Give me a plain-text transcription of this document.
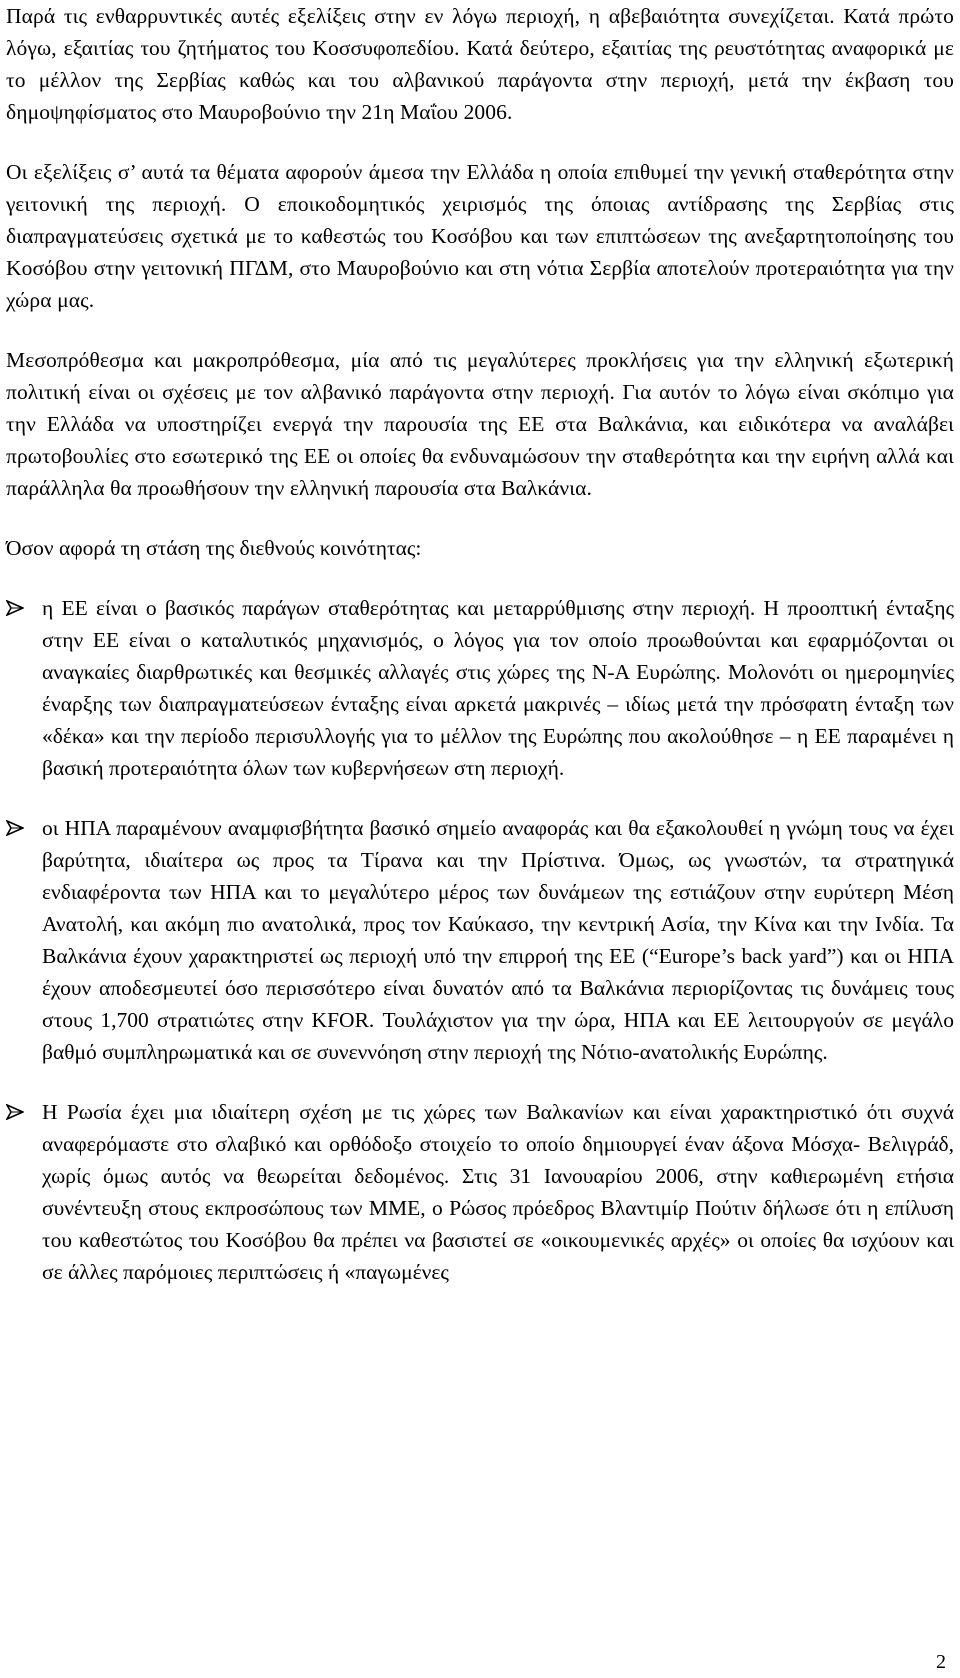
Παρά τις ενθαρρυντικές αυτές εξελίξεις στην εν λόγω περιοχή, η αβεβαιότητα συνεχίζεται. Κατά πρώτο λόγω, εξαιτίας του ζητήματος του Κοσσυφοπεδίου. Κατά δεύτερο, εξαιτίας της ρευστότητας αναφορικά με το μέλλον της Σερβίας καθώς και του αλβανικού παράγοντα στην περιοχή, μετά την έκβαση του δημοψηφίσματος στο Μαυροβούνιο την 21η Μαΐου 2006.

Οι εξελίξεις σ’ αυτά τα θέματα αφορούν άμεσα την Ελλάδα η οποία επιθυμεί την γενική σταθερότητα στην γειτονική της περιοχή. Ο εποικοδομητικός χειρισμός της όποιας αντίδρασης της Σερβίας στις διαπραγματεύσεις σχετικά με το καθεστώς του Κοσόβου και των επιπτώσεων της ανεξαρτητοποίησης του Κοσόβου στην γειτονική ΠΓΔΜ, στο Μαυροβούνιο και στη νότια Σερβία αποτελούν προτεραιότητα για την χώρα μας.

Μεσοπρόθεσμα και μακροπρόθεσμα, μία από τις μεγαλύτερες προκλήσεις για την ελληνική εξωτερική πολιτική είναι οι σχέσεις με τον αλβανικό παράγοντα στην περιοχή. Για αυτόν το λόγω είναι σκόπιμο για την Ελλάδα να υποστηρίζει ενεργά την παρουσία της ΕΕ στα Βαλκάνια, και ειδικότερα να αναλάβει πρωτοβουλίες στο εσωτερικό της ΕΕ οι οποίες θα ενδυναμώσουν την σταθερότητα και την ειρήνη αλλά και παράλληλα θα προωθήσουν την ελληνική παρουσία στα Βαλκάνια.

Όσον αφορά τη στάση της διεθνούς κοινότητας:

η ΕΕ είναι ο βασικός παράγων σταθερότητας και μεταρρύθμισης στην περιοχή. Η προοπτική ένταξης στην ΕΕ είναι ο καταλυτικός μηχανισμός, ο λόγος για τον οποίο προωθούνται και εφαρμόζονται οι αναγκαίες διαρθρωτικές και θεσμικές αλλαγές στις χώρες της Ν-Α Ευρώπης. Μολονότι οι ημερομηνίες έναρξης των διαπραγματεύσεων ένταξης είναι αρκετά μακρινές – ιδίως μετά την πρόσφατη ένταξη των «δέκα» και την περίοδο περισυλλογής για το μέλλον της Ευρώπης που ακολούθησε – η ΕΕ παραμένει η βασική προτεραιότητα όλων των κυβερνήσεων στη περιοχή.
οι ΗΠΑ παραμένουν αναμφισβήτητα βασικό σημείο αναφοράς και θα εξακολουθεί η γνώμη τους να έχει βαρύτητα, ιδιαίτερα ως προς τα Τίρανα και την Πρίστινα. Όμως, ως γνωστών, τα στρατηγικά ενδιαφέροντα των ΗΠΑ και το μεγαλύτερο μέρος των δυνάμεων της εστιάζουν στην ευρύτερη Μέση Ανατολή, και ακόμη πιο ανατολικά, προς τον Καύκασο, την κεντρική Ασία, την Κίνα και την Ινδία. Τα Βαλκάνια έχουν χαρακτηριστεί ως περιοχή υπό την επιρροή της ΕΕ (“Europe’s back yard”) και οι ΗΠΑ έχουν αποδεσμευτεί όσο περισσότερο είναι δυνατόν από τα Βαλκάνια περιορίζοντας τις δυνάμεις τους στους 1,700 στρατιώτες στην KFOR. Τουλάχιστον για την ώρα, ΗΠΑ και ΕΕ λειτουργούν σε μεγάλο βαθμό συμπληρωματικά και σε συνεννόηση στην περιοχή της Νότιο-ανατολικής Ευρώπης.
Η Ρωσία έχει μια ιδιαίτερη σχέση με τις χώρες των Βαλκανίων και είναι χαρακτηριστικό ότι συχνά αναφερόμαστε στο σλαβικό και ορθόδοξο στοιχείο το οποίο δημιουργεί έναν άξονα Μόσχα- Βελιγράδ, χωρίς όμως αυτός να θεωρείται δεδομένος. Στις 31 Ιανουαρίου 2006, στην καθιερωμένη ετήσια συνέντευξη στους εκπροσώπους των ΜΜΕ, ο Ρώσος πρόεδρος Βλαντιμίρ Πούτιν δήλωσε ότι η επίλυση του καθεστώτος του Κοσόβου θα πρέπει να βασιστεί σε «οικουμενικές αρχές» οι οποίες θα ισχύουν και σε άλλες παρόμοιες περιπτώσεις ή «παγωμένες
2
